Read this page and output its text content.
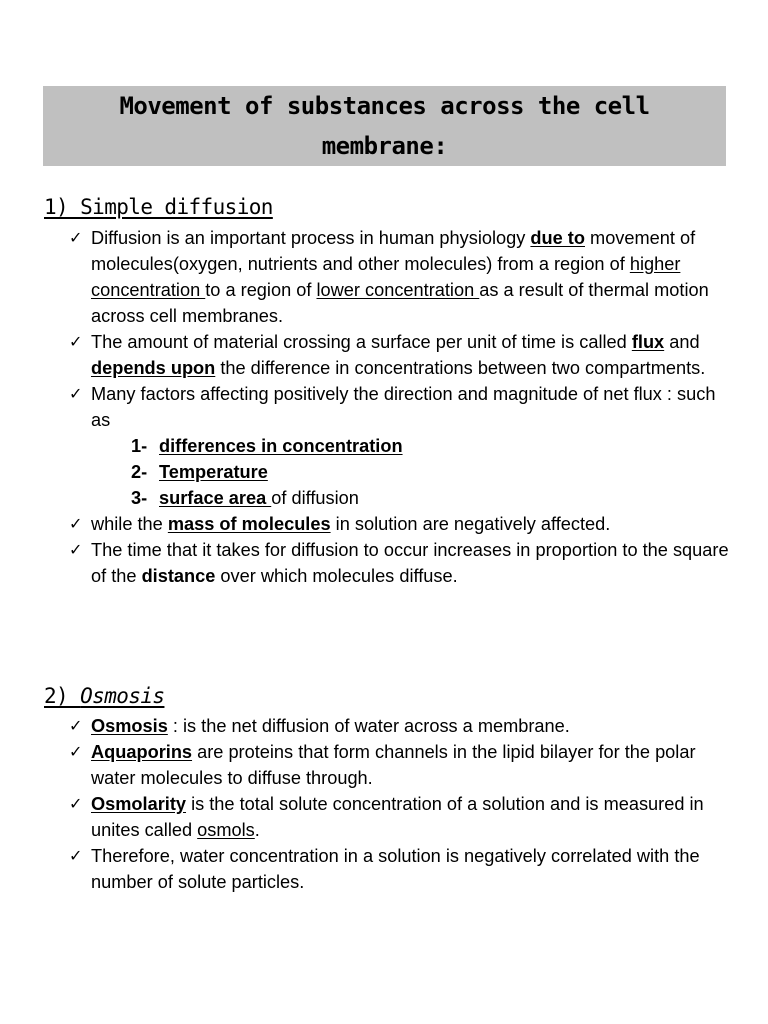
Movement of substances across the cell membrane:
1) Simple diffusion
✓ Diffusion is an important process in human physiology due to movement of molecules(oxygen, nutrients and other molecules) from a region of higher concentration to a region of lower concentration as a result of thermal motion across cell membranes.
✓ The amount of material crossing a surface per unit of time is called flux and depends upon the difference in concentrations between two compartments.
✓ Many factors affecting positively the direction and magnitude of net flux : such as
1- differences in concentration
2- Temperature
3- surface area of diffusion
✓ while the mass of molecules in solution are negatively affected.
✓ The time that it takes for diffusion to occur increases in proportion to the square of the distance over which molecules diffuse.
2) Osmosis
✓ Osmosis : is the net diffusion of water across a membrane.
✓ Aquaporins are proteins that form channels in the lipid bilayer for the polar water molecules to diffuse through.
✓ Osmolarity is the total solute concentration of a solution and is measured in unites called osmols.
✓ Therefore, water concentration in a solution is negatively correlated with the number of solute particles.
